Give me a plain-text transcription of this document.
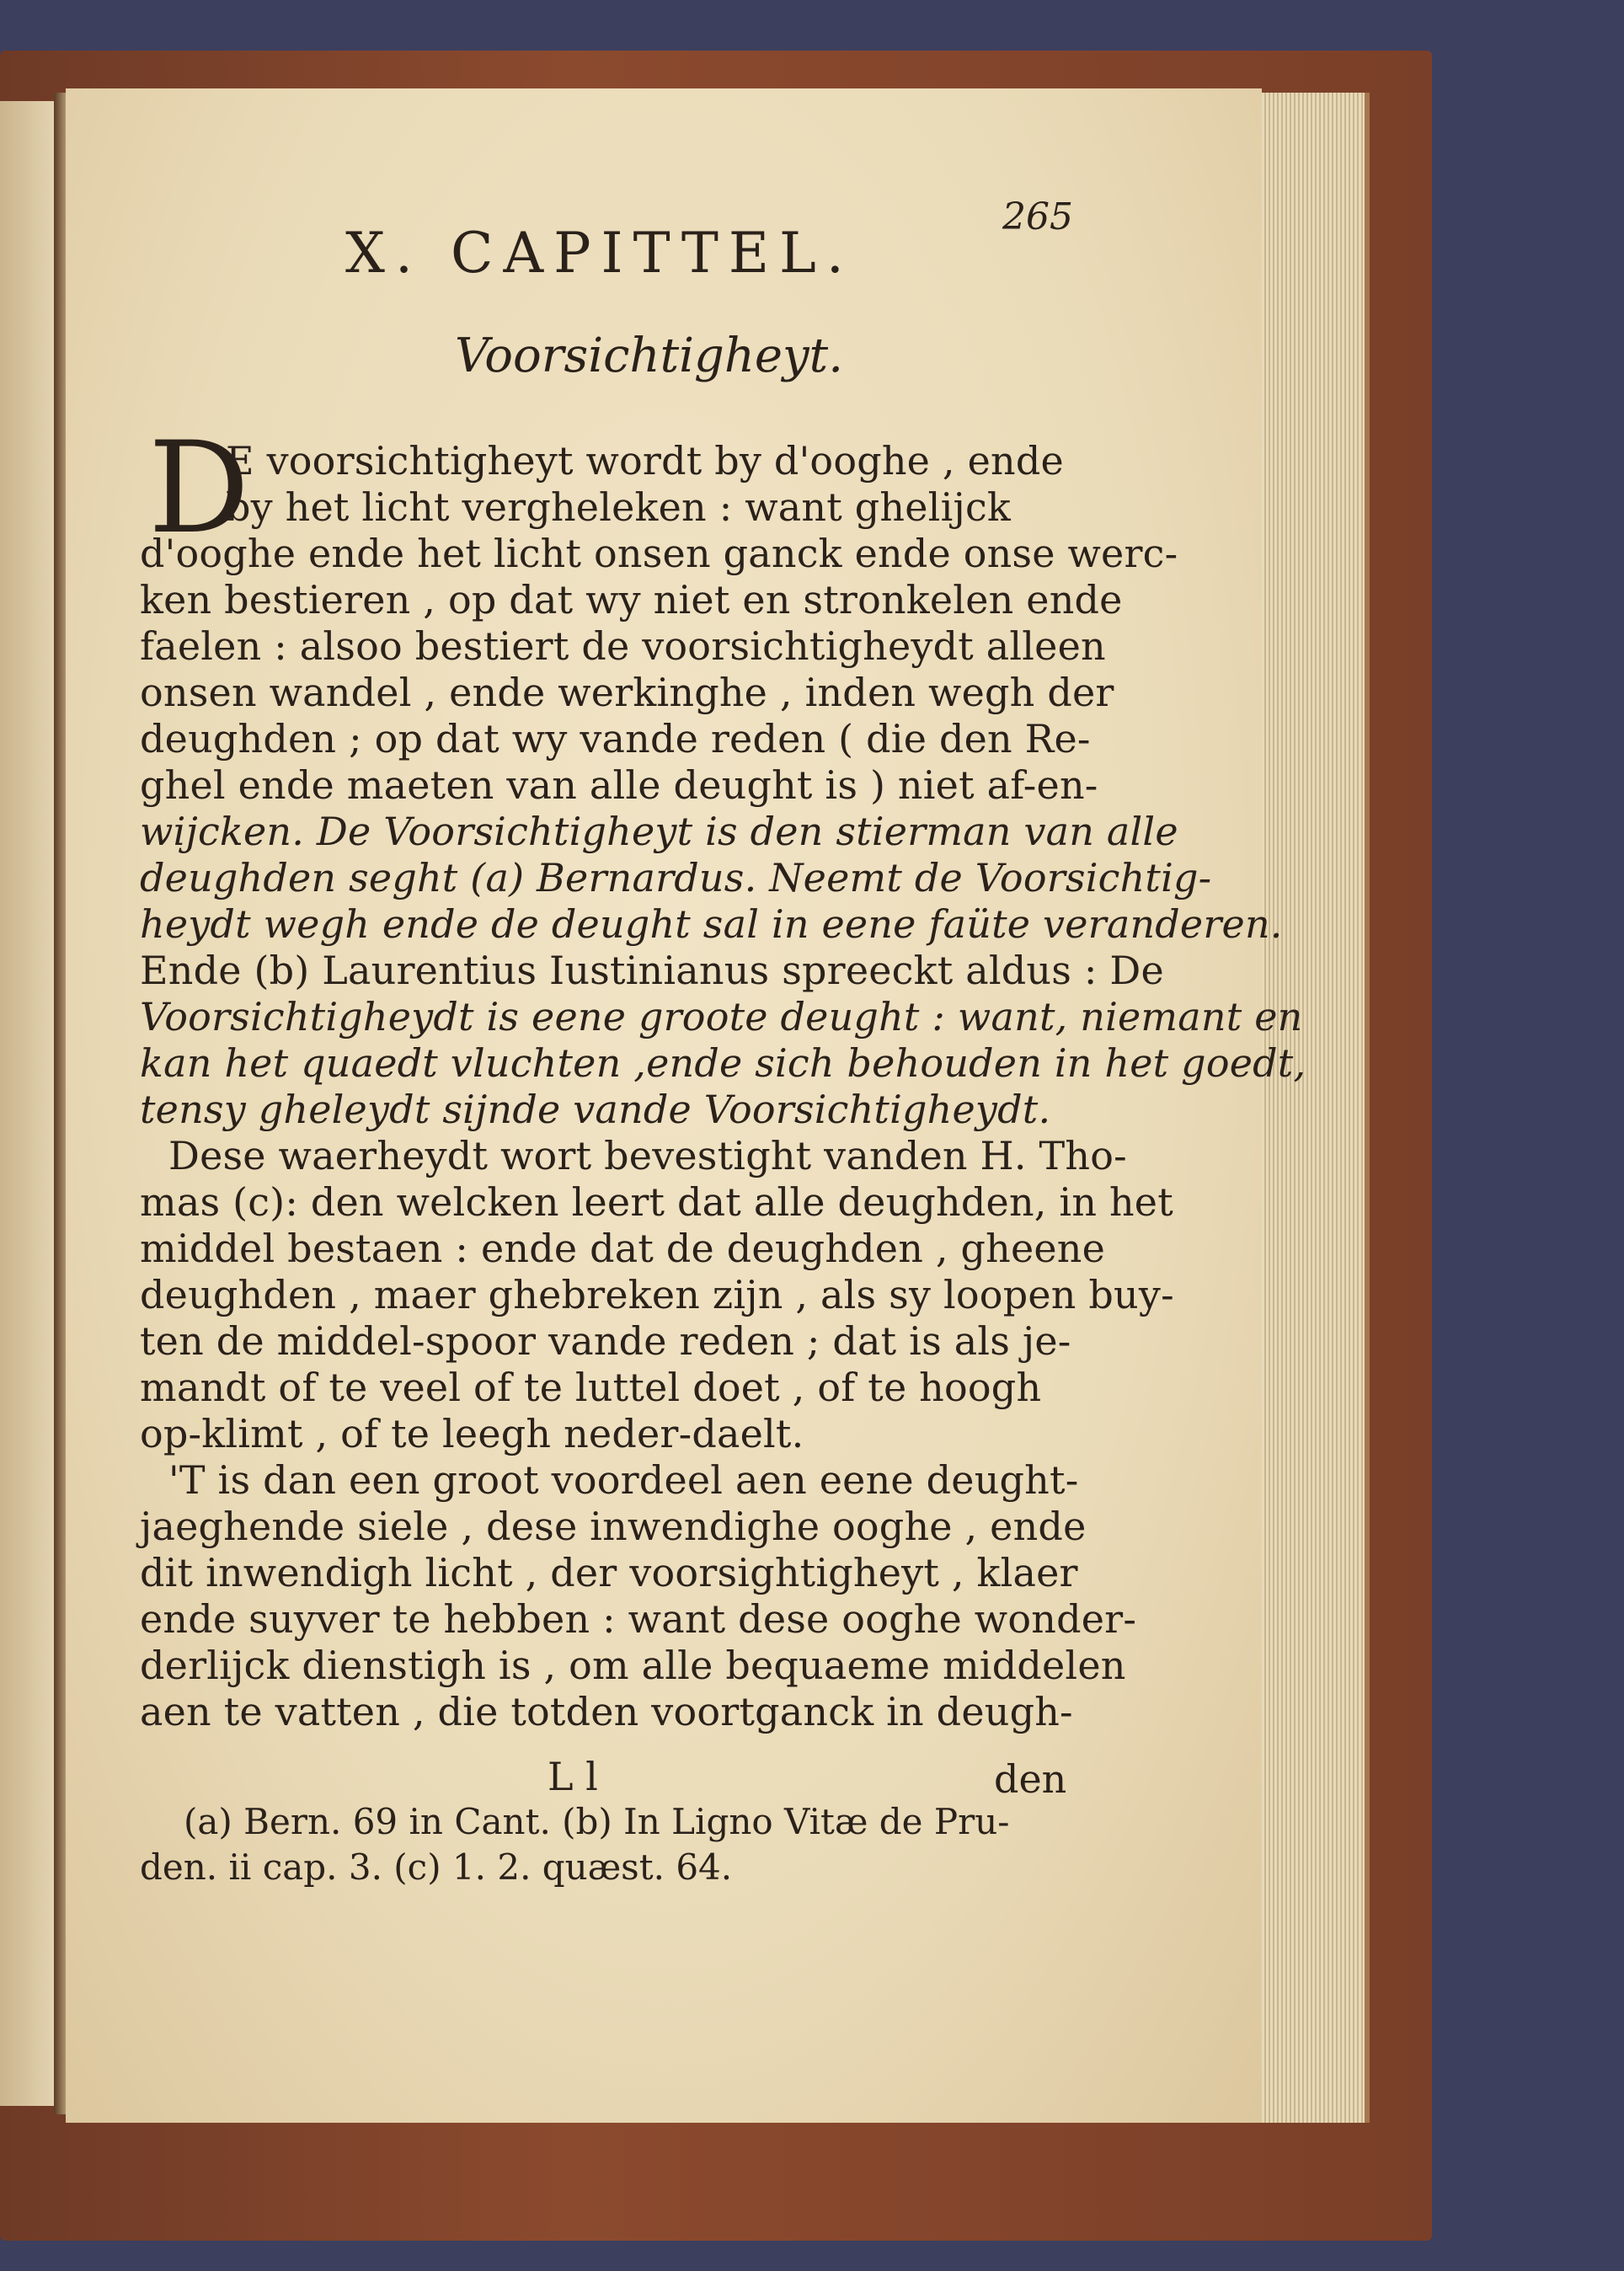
265
X. CAPITTEL.
Voorsichtigheyt.
D
E voorsichtigheyt wordt by d'ooghe , ende
by het licht vergheleken : want ghelijck
d'ooghe ende het licht onsen ganck ende onse werc-
ken bestieren , op dat wy niet en stronkelen ende
faelen : alsoo bestiert de voorsichtigheydt alleen
onsen wandel , ende werkinghe , inden wegh der
deughden ; op dat wy vande reden ( die den Re-
ghel ende maeten van alle deught is ) niet af-en-
wijcken. De Voorsichtigheyt is den stierman van alle
deughden seght (a) Bernardus. Neemt de Voorsichtig-
heydt wegh ende de deught sal in eene faüte veranderen.
Ende (b) Laurentius Iustinianus spreeckt aldus : De
Voorsichtigheydt is eene groote deught : want, niemant en
kan het quaedt vluchten ,ende sich behouden in het goedt,
tensy gheleydt sijnde vande Voorsichtigheydt.
Dese waerheydt wort bevestight vanden H. Tho-
mas (c): den welcken leert dat alle deughden, in het
middel bestaen : ende dat de deughden , gheene
deughden , maer ghebreken zijn , als sy loopen buy-
ten de middel-spoor vande reden ; dat is als je-
mandt of te veel of te luttel doet , of te hoogh
op-klimt , of te leegh neder-daelt.
'T is dan een groot voordeel aen eene deught-
jaeghende siele , dese inwendighe ooghe , ende
dit inwendigh licht , der voorsightigheyt , klaer
ende suyver te hebben : want dese ooghe wonder-
derlijck dienstigh is , om alle bequaeme middelen
aen te vatten , die totden voortganck in deugh-
L l	den
(a) Bern. 69 in Cant. (b) In Ligno Vitæ de Pru-
den. ii cap. 3. (c) 1. 2. quæst. 64.
